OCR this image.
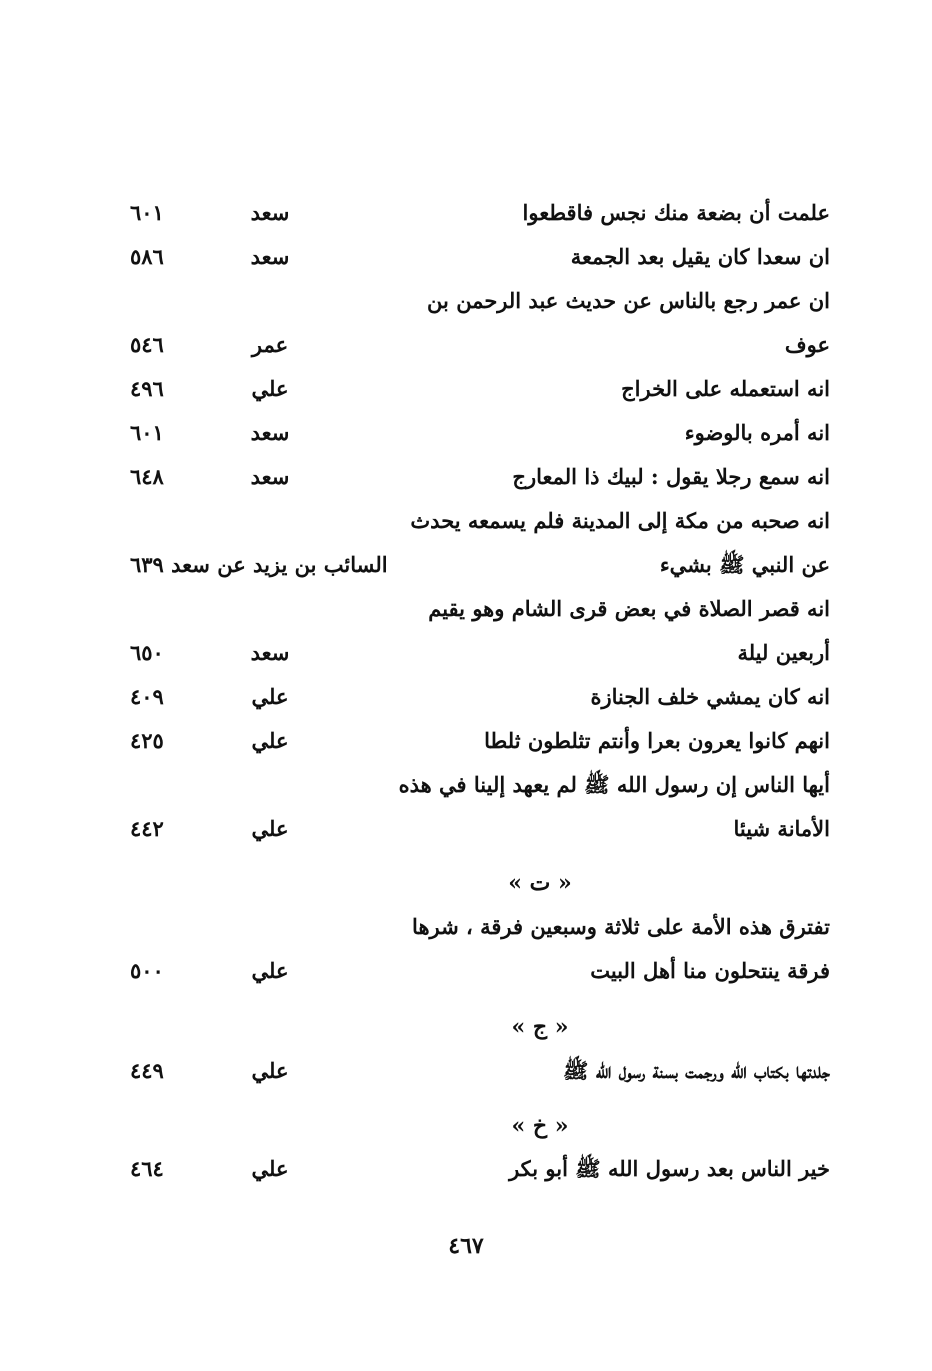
علمت أن بضعة منك نجس فاقطعوا
سعد
٦٠١
ان سعدا كان يقيل بعد الجمعة
سعد
٥٨٦
ان عمر رجع بالناس عن حديث عبد الرحمن بن
عوف
عمر
٥٤٦
انه استعمله على الخراج
علي
٤٩٦
انه أمره بالوضوء
سعد
٦٠١
انه سمع رجلا يقول : لبيك ذا المعارج
سعد
٦٤٨
انه صحبه من مكة إلى المدينة فلم يسمعه يحدث
عن النبي ﷺ بشيء
السائب بن يزيد عن سعد ٦٣٩
انه قصر الصلاة في بعض قرى الشام وهو يقيم
أربعين ليلة
سعد
٦٥٠
انه كان يمشي خلف الجنازة
علي
٤٠٩
انهم كانوا يعرون بعرا وأنتم تثلطون ثلطا
علي
٤٢٥
أيها الناس إن رسول الله ﷺ لم يعهد إلينا في هذه
الأمانة شيئا
علي
٤٤٢
« ت »
تفترق هذه الأمة على ثلاثة وسبعين فرقة ، شرها
فرقة ينتحلون منا أهل البيت
علي
٥٠٠
« ج »
جلدتها بكتاب الله ورجمت بسنة رسول الله ﷺ
علي
٤٤٩
« خ »
خير الناس بعد رسول الله ﷺ أبو بكر
علي
٤٦٤
٤٦٧
